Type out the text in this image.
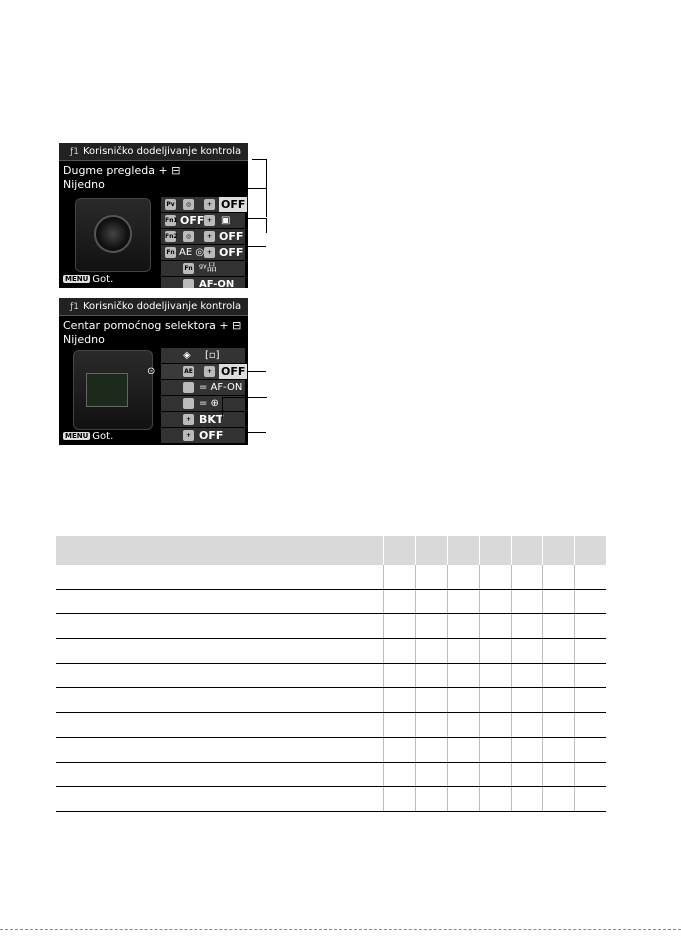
ƒ1 Korisničko dodeljivanje kontrola
Dugme pregleda + ⊟
Nijedno
MENU Got.
Pv	◎	+ OFF
Fn1 OFF + ▣
Fn2	◎	+ OFF
Fn AE ◎ + OFF
Fn ᵍᵞ品
AF-ON
ƒ1 Korisničko dodeljivanje kontrola
Centar pomoćnog selektora + ⊟
Nijedno
MENU Got.
◈ [▫]
⊙	AE	+ OFF
= AF-ON
= ⊕
+ BKT
+ OFF
